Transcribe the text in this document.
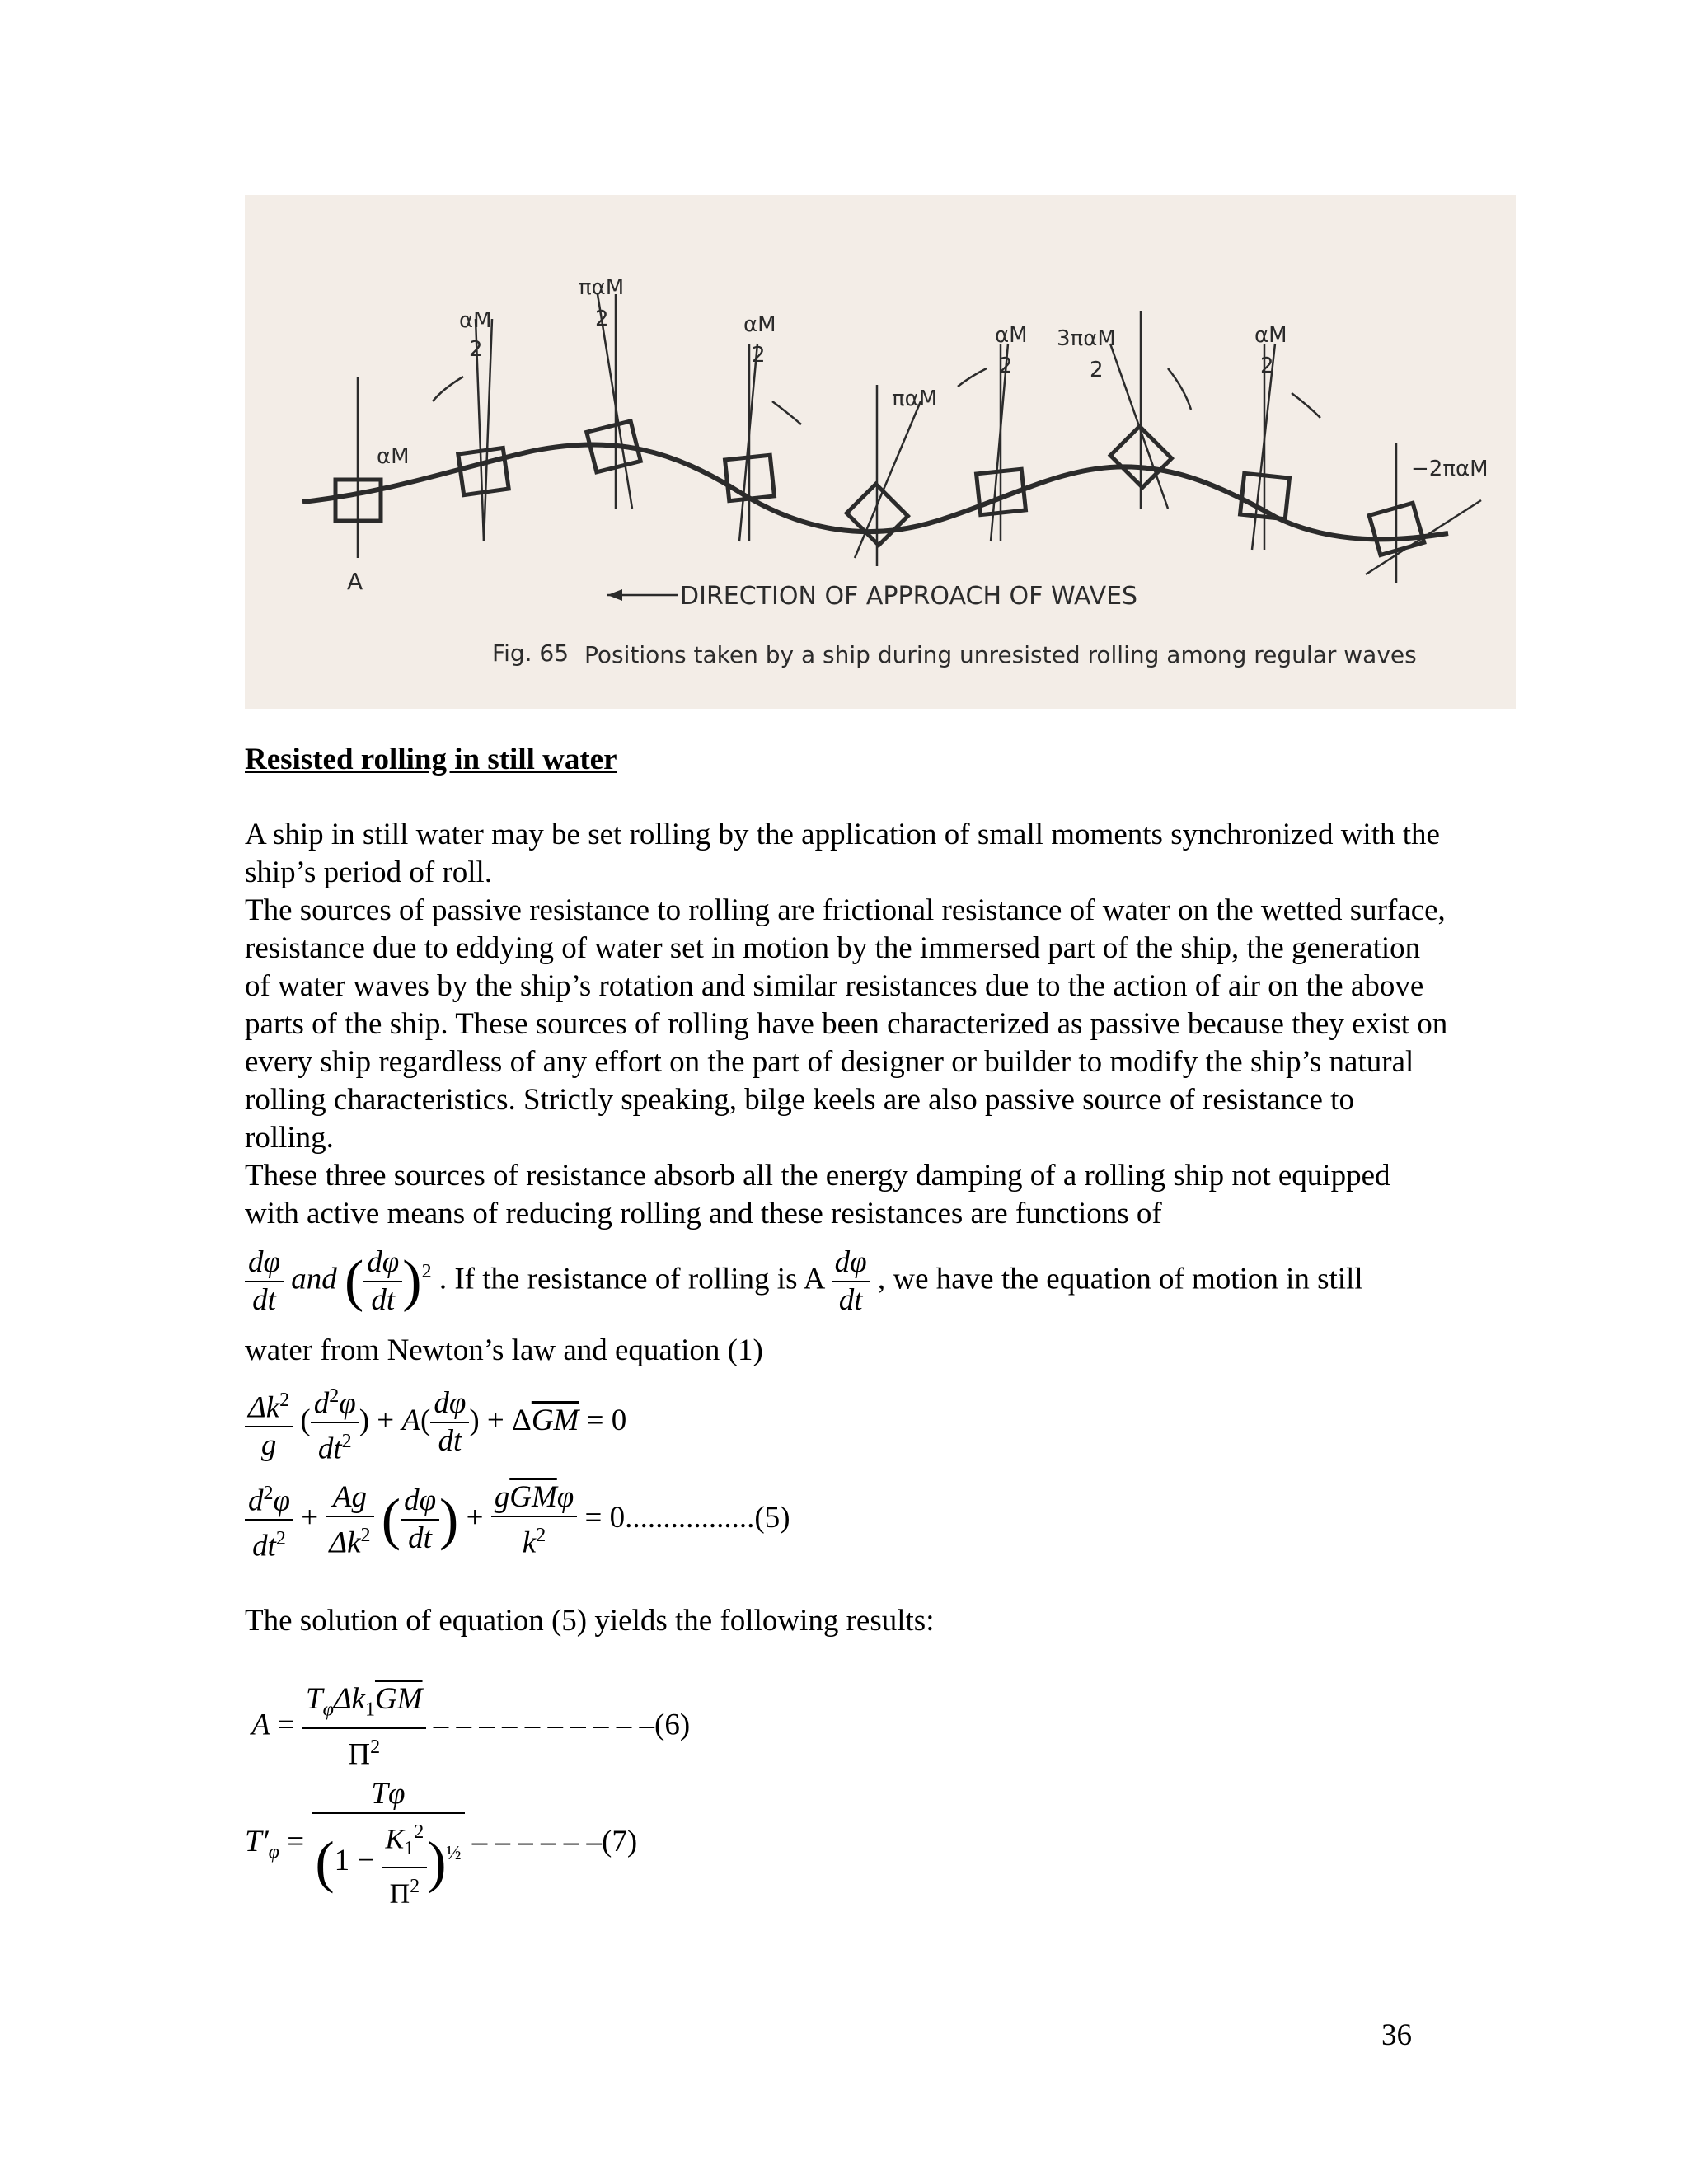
αM
2
παM
2	αM
2
παM
αM
2
3παM
2
αM
2
−2παM
αM
A
DIRECTION OF APPROACH OF WAVES
Fig. 65 Positions taken by a ship during unresisted rolling among regular waves
Resisted rolling in still water

A ship in still water may be set rolling by the application of small moments synchronized with the ship’s period of roll.

The sources of passive resistance to rolling are frictional resistance of water on the wetted surface, resistance due to eddying of water set in motion by the immersed part of the ship, the generation of water waves by the ship’s rotation and similar resistances due to the action of air on the above parts of the ship. These sources of rolling have been characterized as passive because they exist on every ship regardless of any effort on the part of designer or builder to modify the ship’s natural rolling characteristics. Strictly speaking, bilge keels are also passive source of resistance to rolling.

These three sources of resistance absorb all the energy damping of a rolling ship not equipped with active means of reducing rolling and these resistances are functions of

$\frac{d\varphi}{dt}$ and ( $\frac{d\varphi}{dt} )^2$ . If the resistance of rolling is A $\frac{d\varphi}{dt}$ , we have the equation of motion in still
water from Newton’s law and equation (1)
$\frac{\Delta k^2}{g}$ ( $\frac{d^2\varphi}{dt^2}$ ) + $A( \frac{d\varphi}{dt}$ ) + $\Delta\overline{GM} = 0$
$\frac{d^2\varphi}{dt^2} + \frac{Ag}{\Delta k^2}$ ( $\frac{d\varphi}{dt}$ ) + $\frac{g\overline{GM}\varphi}{k^2} = 0.................(5)$
The solution of equation (5) yields the following results:
$A = \frac{T_\varphi\Delta k_1\overline{GM}}{\Pi^2}$ – – – – – – – – – –(6)
$T'_\varphi = \frac{T\varphi}{(1 - \frac{K_1^2}{\Pi^2} )^{\frac{1}{2}}}$ – – – – – –(7)
36
